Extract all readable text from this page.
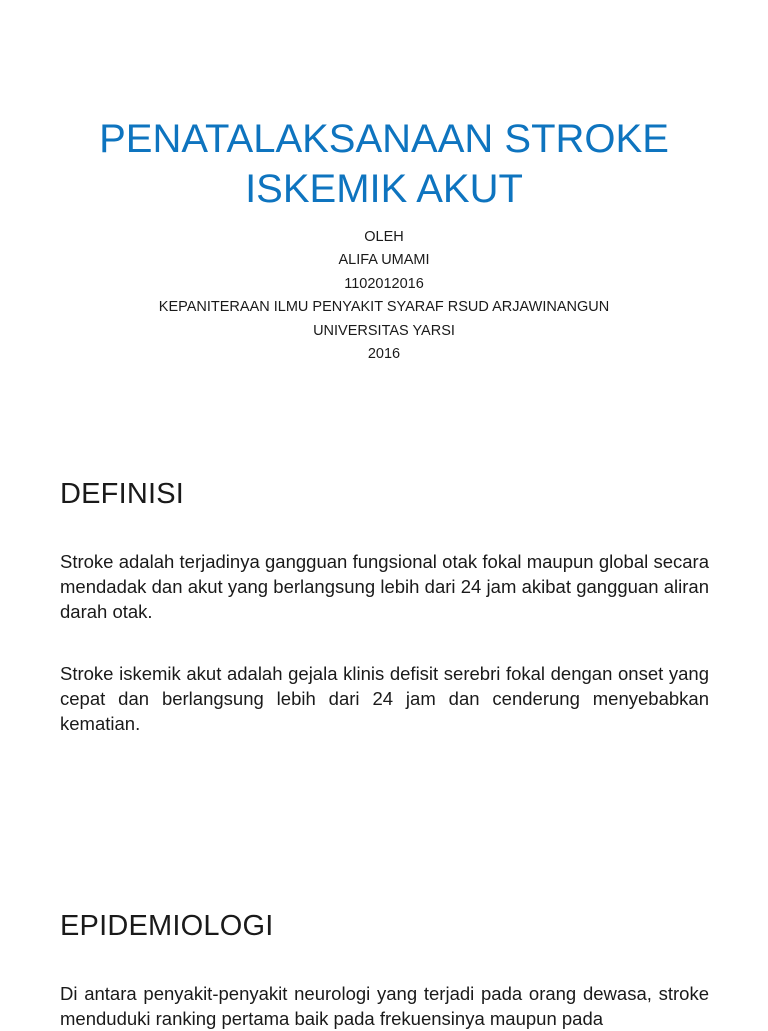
PENATALAKSANAAN STROKE
ISKEMIK AKUT
OLEH
ALIFA UMAMI
1102012016
KEPANITERAAN ILMU PENYAKIT SYARAF RSUD ARJAWINANGUN
UNIVERSITAS YARSI
2016
DEFINISI

Stroke adalah terjadinya gangguan fungsional otak fokal maupun global secara mendadak dan akut yang berlangsung lebih dari 24 jam akibat gangguan aliran darah otak.

Stroke iskemik akut adalah gejala klinis defisit serebri fokal dengan onset yang cepat dan berlangsung lebih dari 24 jam dan cenderung menyebabkan kematian.

EPIDEMIOLOGI

Di antara penyakit-penyakit neurologi yang terjadi pada orang dewasa, stroke menduduki ranking pertama baik pada frekuensinya maupun pada
